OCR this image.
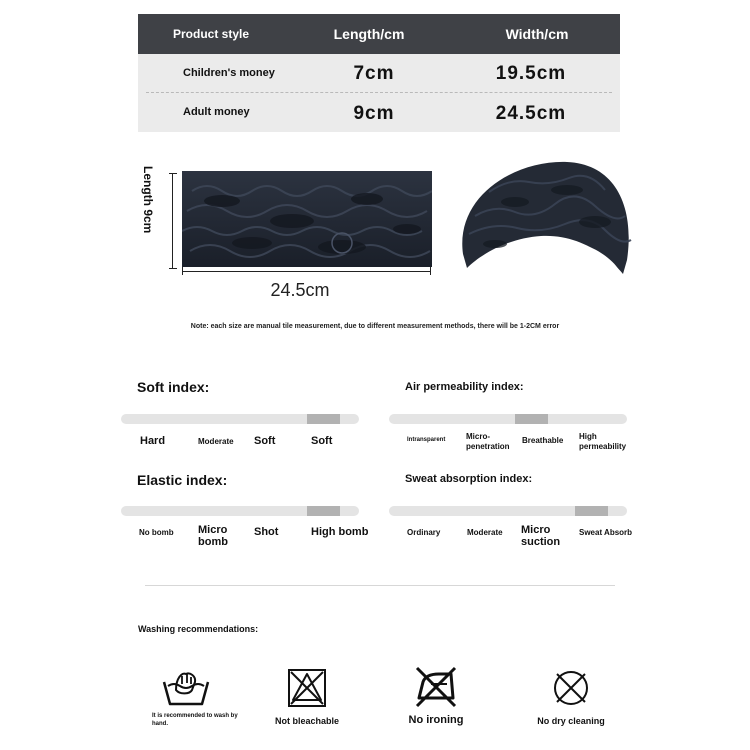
Product style	Length/cm	Width/cm
Children's money	7cm	19.5cm
Adult money	9cm	24.5cm
Length 9cm
24.5cm
Note: each size are manual tile measurement, due to different measurement methods, there will be 1-2CM error
Soft index:
Hard	Moderate Soft	Soft
Air permeability index:
Intransparent	Micro-penetration
Breathable High permeability
Elastic index:
No bomb Micro bomb
Shot	High bomb
Sweat absorption index:
Ordinary	Moderate Micro suction
Sweat Absorb
Washing recommendations:
It is recommended to wash by hand.	Not bleachable	No ironing	No dry cleaning
